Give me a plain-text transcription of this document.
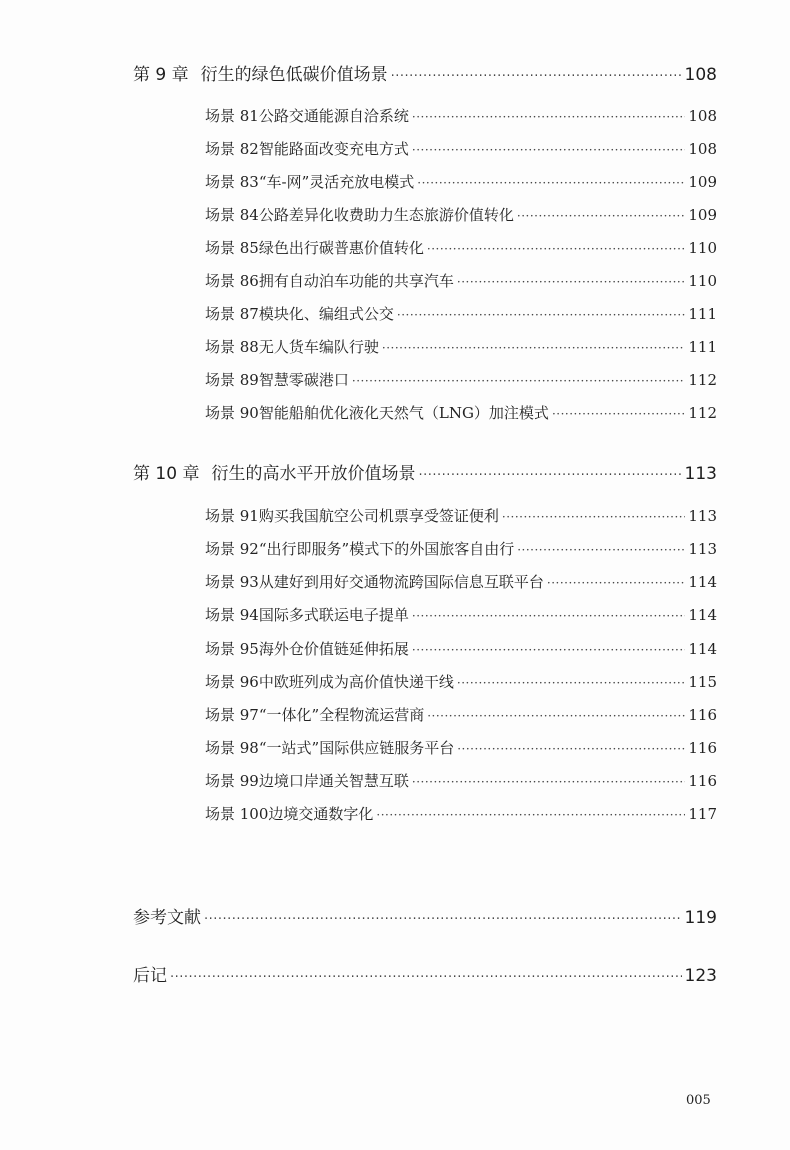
第 9 章 衍生的绿色低碳价值场景 ·····	108
场景 81 公路交通能源自洽系统 ·····	108
场景 82 智能路面改变充电方式 ·····	108
场景 83 “车-网”灵活充放电模式 ·····	109
场景 84 公路差异化收费助力生态旅游价值转化 ·····	109
场景 85 绿色出行碳普惠价值转化 ·····	110
场景 86 拥有自动泊车功能的共享汽车 ·····	110
场景 87 模块化、编组式公交 ·····	111
场景 88 无人货车编队行驶 ·····	111
场景 89 智慧零碳港口 ·····	112
场景 90 智能船舶优化液化天然气（LNG）加注模式 ·····	112
第 10 章 衍生的高水平开放价值场景 ·····	113
场景 91 购买我国航空公司机票享受签证便利 ·····	113
场景 92 “出行即服务”模式下的外国旅客自由行 ·····	113
场景 93 从建好到用好交通物流跨国际信息互联平台 ·····	114
场景 94 国际多式联运电子提单 ·····	114
场景 95 海外仓价值链延伸拓展 ·····	114
场景 96 中欧班列成为高价值快递干线 ·····	115
场景 97 “一体化”全程物流运营商 ·····	116
场景 98 “一站式”国际供应链服务平台 ·····	116
场景 99 边境口岸通关智慧互联 ·····	116
场景 100 边境交通数字化 ·····	117
参考文献 ·····	119
后记 ·····	123
005
